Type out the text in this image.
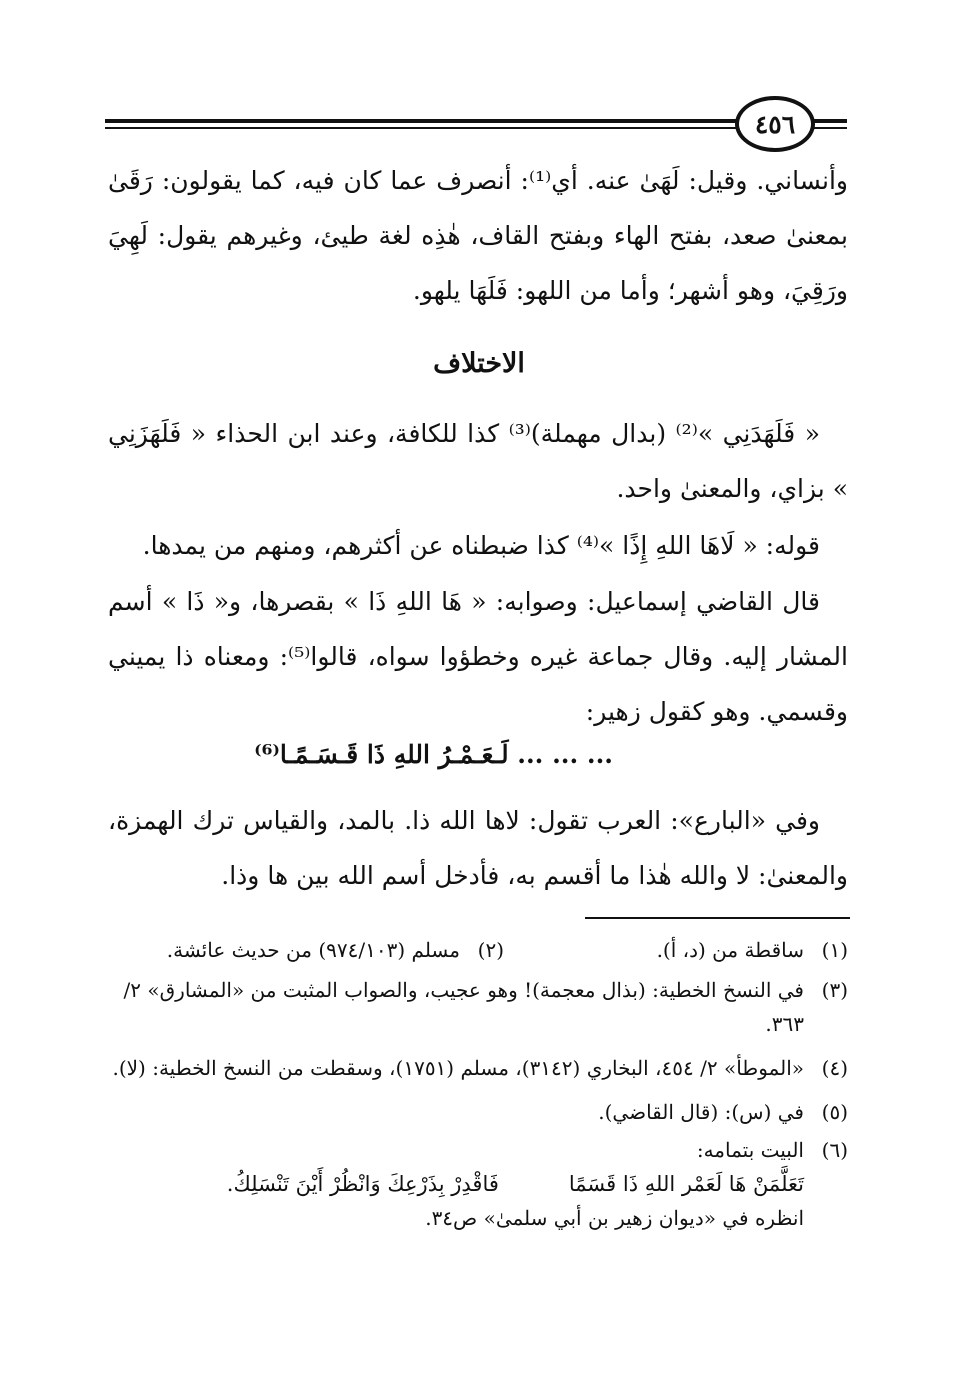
٤٥٦

وأنساني. وقيل: لَهَىٰ عنه. أي⁽¹⁾: أنصرف عما كان فيه، كما يقولون: رَقَىٰ بمعنىٰ صعد، بفتح الهاء وبفتح القاف، هٰذِه لغة طيئ، وغيرهم يقول: لَهِيَ ورَقِيَ، وهو أشهر؛ وأما من اللهو: فَلَهَا يلهو.

الاختلاف

« فَلَهَدَنِي »⁽²⁾ (بدال مهملة)⁽³⁾ كذا للكافة، وعند ابن الحذاء « فَلَهَزَنِي » بزاي، والمعنىٰ واحد.

قوله: « لَاهَا اللهِ إِذًا »⁽⁴⁾ كذا ضبطناه عن أكثرهم، ومنهم من يمدها.

قال القاضي إسماعيل: وصوابه: « هَا اللهِ ذَا » بقصرها، و« ذَا » أسم المشار إليه. وقال جماعة غيره وخطؤوا سواه، قالوا⁽⁵⁾: ومعناه ذا يميني وقسمي. وهو كقول زهير:

... ... ... لَـعَـمْـرُ اللهِ ذَا قَـسَـمًـا⁽⁶⁾

وفي «البارع»: العرب تقول: لاها الله ذا. بالمد، والقياس ترك الهمزة، والمعنىٰ: لا والله هٰذا ما أقسم به، فأدخل أسم الله بين ها وذا.

(١)
ساقطة من (د، أ).
(٢)
مسلم (٩٧٤/١٠٣) من حديث عائشة.
(٣)
في النسخ الخطية: (بذال معجمة)! وهو عجيب، والصواب المثبت من «المشارق» ٢/ ٣٦٣.
(٤)
«الموطأ» ٢/ ٤٥٤، البخاري (٣١٤٢)، مسلم (١٧٥١)، وسقطت من النسخ الخطية: (لا).
(٥)
في (س): (قال القاضي).
(٦)
البيت بتمامه:
تَعَلَّمَنْ هَا لَعَمْر اللهِ ذَا قَسَمًا
فَاقْدِرْ بِذَرْعِكَ وَانْظُرْ أَيْنَ تَنْسَلِكُ.
انظره في «ديوان زهير بن أبي سلمىٰ» ص٣٤.
